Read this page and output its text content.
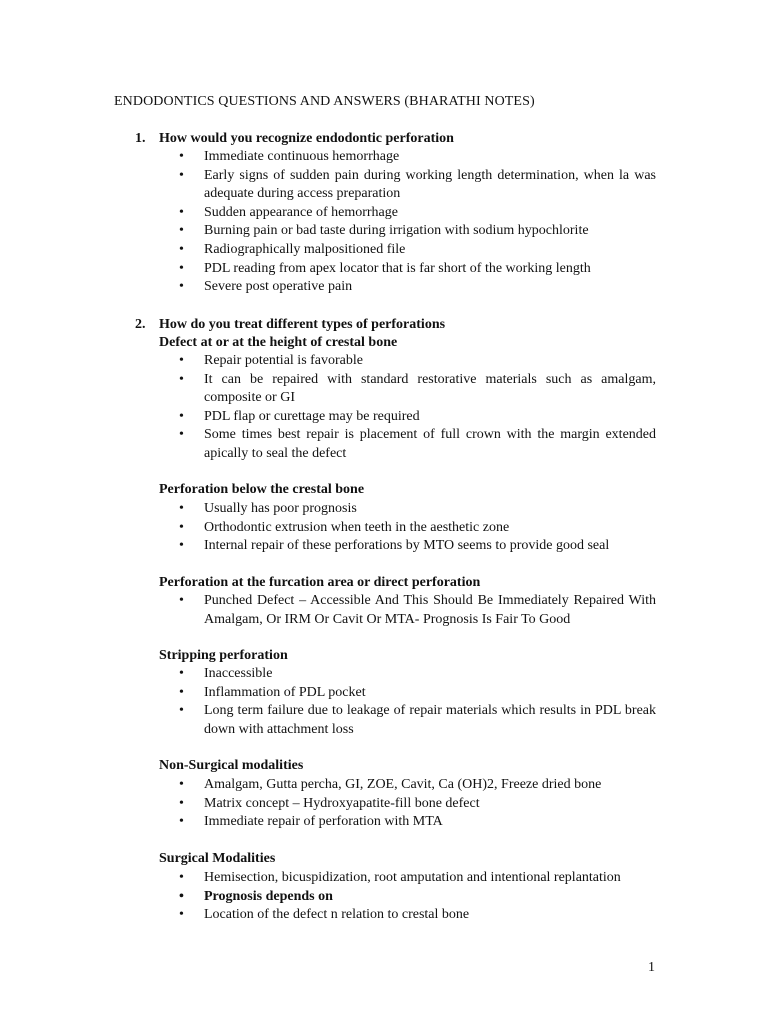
ENDODONTICS QUESTIONS AND ANSWERS (BHARATHI NOTES)
1. How would you recognize endodontic perforation
• Immediate continuous hemorrhage
• Early signs of sudden pain during working length determination, when la was adequate during access preparation
• Sudden appearance of hemorrhage
• Burning pain or bad taste during irrigation with sodium hypochlorite
• Radiographically malpositioned file
• PDL reading from apex locator that is far short of the working length
• Severe post operative pain
2. How do you treat different types of perforations
Defect at or at the height of crestal bone
• Repair potential is favorable
• It can be repaired with standard restorative materials such as amalgam, composite or GI
• PDL flap or curettage may be required
• Some times best repair is placement of full crown with the margin extended apically to seal the defect
Perforation below the crestal bone
• Usually has poor prognosis
• Orthodontic extrusion when teeth in the aesthetic zone
• Internal repair of these perforations by MTO seems to provide good seal
Perforation at the furcation area or direct perforation
• Punched Defect – Accessible And This Should Be Immediately Repaired With Amalgam, Or IRM Or Cavit Or MTA- Prognosis Is Fair To Good
Stripping perforation
• Inaccessible
• Inflammation of PDL pocket
• Long term failure due to leakage of repair materials which results in PDL break down with attachment loss
Non-Surgical modalities
• Amalgam, Gutta percha, GI, ZOE, Cavit, Ca (OH)2, Freeze dried bone
• Matrix concept – Hydroxyapatite-fill bone defect
• Immediate repair of perforation with MTA
Surgical Modalities
• Hemisection, bicuspidization, root amputation and intentional replantation
• Prognosis depends on
• Location of the defect n relation to crestal bone
1
